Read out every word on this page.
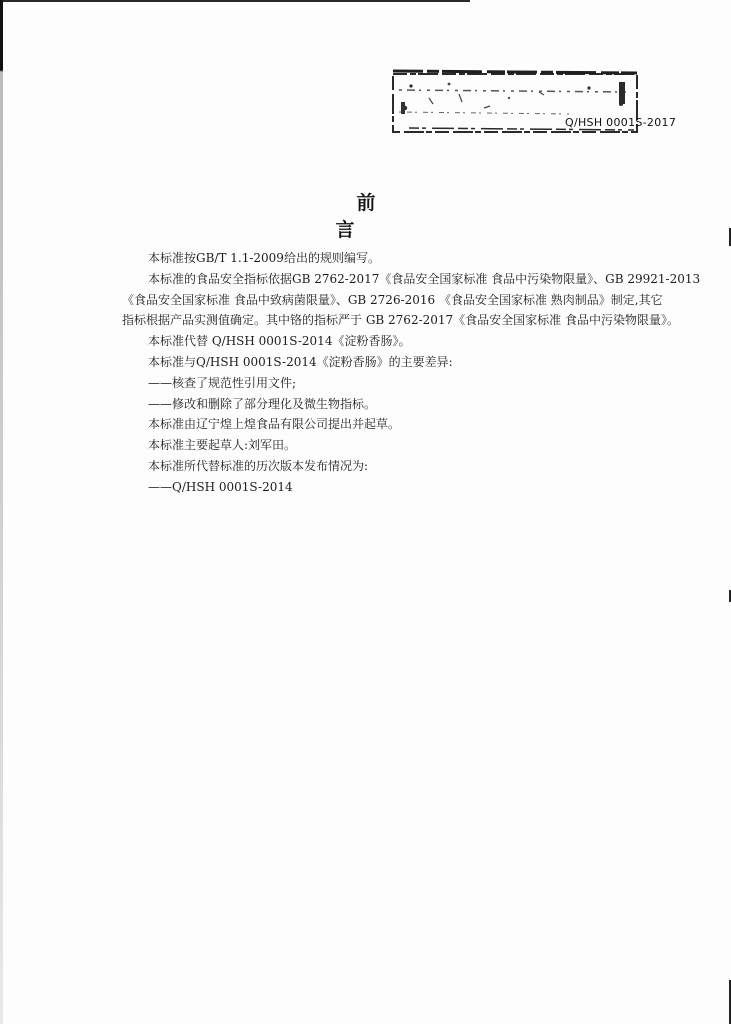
Q/HSH 0001S-2017
前　言

本标准按GB/T 1.1-2009给出的规则编写。

本标准的食品安全指标依据GB 2762-2017《食品安全国家标准 食品中污染物限量》、GB 29921-2013

《食品安全国家标准 食品中致病菌限量》、GB 2726-2016 《食品安全国家标准 熟肉制品》制定,其它

指标根据产品实测值确定。其中铬的指标严于 GB 2762-2017《食品安全国家标准 食品中污染物限量》。

本标准代替 Q/HSH 0001S-2014《淀粉香肠》。

本标准与Q/HSH 0001S-2014《淀粉香肠》的主要差异:

——核查了规范性引用文件;

——修改和删除了部分理化及微生物指标。

本标准由辽宁煌上煌食品有限公司提出并起草。

本标准主要起草人:刘军田。

本标准所代替标准的历次版本发布情况为:

——Q/HSH 0001S-2014
